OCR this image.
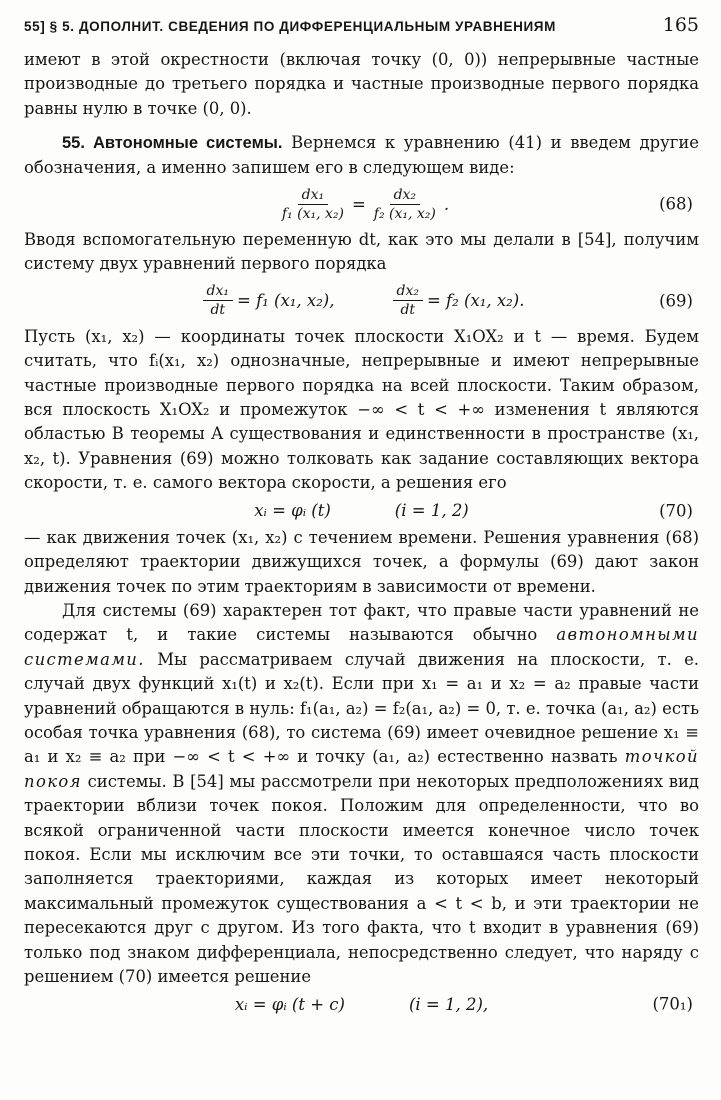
55] § 5. ДОПОЛНИТ. СВЕДЕНИЯ ПО ДИФФЕРЕНЦИАЛЬНЫМ УРАВНЕНИЯМ	165

имеют в этой окрестности (включая точку (0, 0)) непрерывные частные производные до третьего порядка и частные производные первого порядка равны нулю в точке (0, 0).

55. Автономные системы. Вернемся к уравнению (41) и введем другие обозначения, а именно запишем его в следующем виде:

$\frac{\text{dx₁}}{\text{f₁ (x₁, x₂)}} = \frac{\text{dx₂}}{\text{f₂ (x₁, x₂)}}$ .	(68)

Вводя вспомогательную переменную dt, как это мы делали в [54], получим систему двух уравнений первого порядка

$\frac{\text{dx₁}}{dt} = f_1$ (x₁, x₂),	$\frac{\text{dx₂}}{dt} = f_2$ (x₁, x₂).	(69)

Пусть (x₁, x₂) — координаты точек плоскости X₁OX₂ и t — время. Будем считать, что fᵢ(x₁, x₂) однозначные, непрерывные и имеют непрерывные частные производные первого порядка на всей плоскости. Таким образом, вся плоскость X₁OX₂ и промежуток −∞ < t < +∞ изменения t являются областью B теоремы A существования и единственности в пространстве (x₁, x₂, t). Уравнения (69) можно толковать как задание составляющих вектора скорости, т. е. самого вектора скорости, а решения его

xᵢ = φᵢ (t)	(i = 1, 2)	(70)

— как движения точек (x₁, x₂) с течением времени. Решения уравнения (68) определяют траектории движущихся точек, а формулы (69) дают закон движения точек по этим траекториям в зависимости от времени.

Для системы (69) характерен тот факт, что правые части уравнений не содержат t, и такие системы называются обычно автономными системами. Мы рассматриваем случай движения на плоскости, т. е. случай двух функций x₁(t) и x₂(t). Если при x₁ = a₁ и x₂ = a₂ правые части уравнений обращаются в нуль: f₁(a₁, a₂) = f₂(a₁, a₂) = 0, т. е. точка (a₁, a₂) есть особая точка уравнения (68), то система (69) имеет очевидное решение x₁ ≡ a₁ и x₂ ≡ a₂ при −∞ < t < +∞ и точку (a₁, a₂) естественно назвать точкой покоя системы. В [54] мы рассмотрели при некоторых предположениях вид траектории вблизи точек покоя. Положим для определенности, что во всякой ограниченной части плоскости имеется конечное число точек покоя. Если мы исключим все эти точки, то оставшаяся часть плоскости заполняется траекториями, каждая из которых имеет некоторый максимальный промежуток существования a < t < b, и эти траектории не пересекаются друг с другом. Из того факта, что t входит в уравнения (69) только под знаком дифференциала, непосредственно следует, что наряду с решением (70) имеется решение

xᵢ = φᵢ (t + c)	(i = 1, 2),	(70₁)
